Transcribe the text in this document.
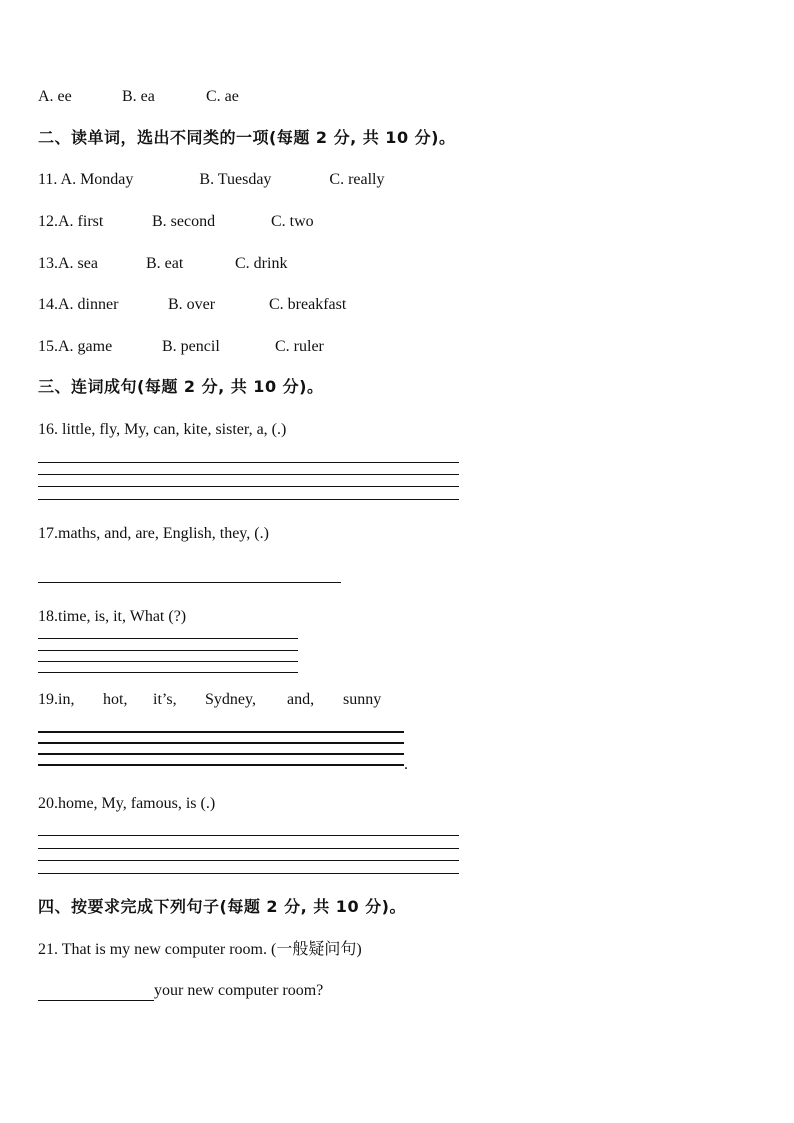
A. ee	B. ea	C. ae
二、读单词，选出不同类的一项(每题 2 分, 共 10 分)。
11. A. Monday	B. Tuesday	C. really
12.A. first	B. second	C. two
13.A. sea	B. eat	C. drink
14.A. dinner	B. over	C. breakfast
15.A. game	B. pencil	C. ruler
三、连词成句(每题 2 分, 共 10 分)。
16. little, fly, My, can, kite, sister, a, (.)
17.maths, and, are, English, they, (.)
18.time, is, it, What (?)
19.in, hot, it’s, Sydney, and, sunny
.
20.home, My, famous, is (.)
四、按要求完成下列句子(每题 2 分, 共 10 分)。
21. That is my new computer room. (一般疑问句)
your new computer room?
